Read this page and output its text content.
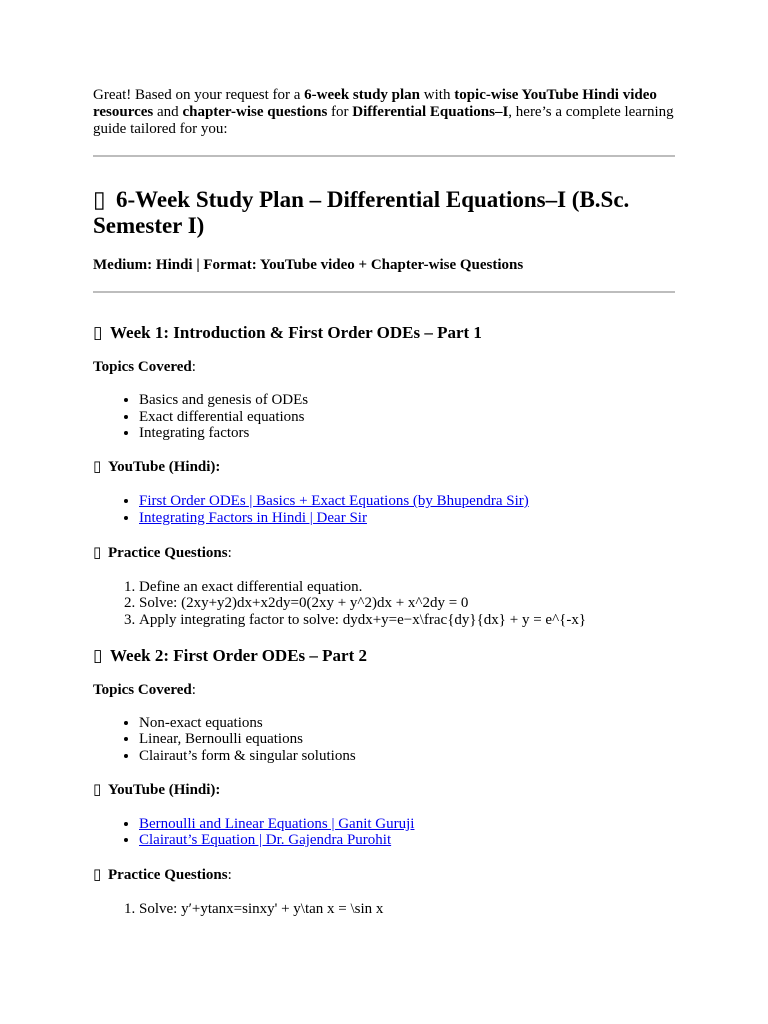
Great! Based on your request for a 6-week study plan with topic-wise YouTube Hindi video resources and chapter-wise questions for Differential Equations–I, here’s a complete learning guide tailored for you:

▯ 6-Week Study Plan – Differential Equations–I (B.Sc. Semester I)

Medium: Hindi | Format: YouTube video + Chapter-wise Questions

▯ Week 1: Introduction & First Order ODEs – Part 1

Topics Covered:

• Basics and genesis of ODEs
• Exact differential equations
• Integrating factors

▯ YouTube (Hindi):

• First Order ODEs | Basics + Exact Equations (by Bhupendra Sir)
• Integrating Factors in Hindi | Dear Sir

▯ Practice Questions:

1. Define an exact differential equation.
2. Solve: (2xy+y2)dx+x2dy=0(2xy + y^2)dx + x^2dy = 0
3. Apply integrating factor to solve: dydx+y=e−x\frac{dy}{dx} + y = e^{-x}
▯ Week 2: First Order ODEs – Part 2

Topics Covered:

• Non-exact equations
• Linear, Bernoulli equations
• Clairaut’s form & singular solutions

▯ YouTube (Hindi):

• Bernoulli and Linear Equations | Ganit Guruji
• Clairaut’s Equation | Dr. Gajendra Purohit

▯ Practice Questions:

1. Solve: y′+ytanx=sinxy' + y\tan x = \sin x
